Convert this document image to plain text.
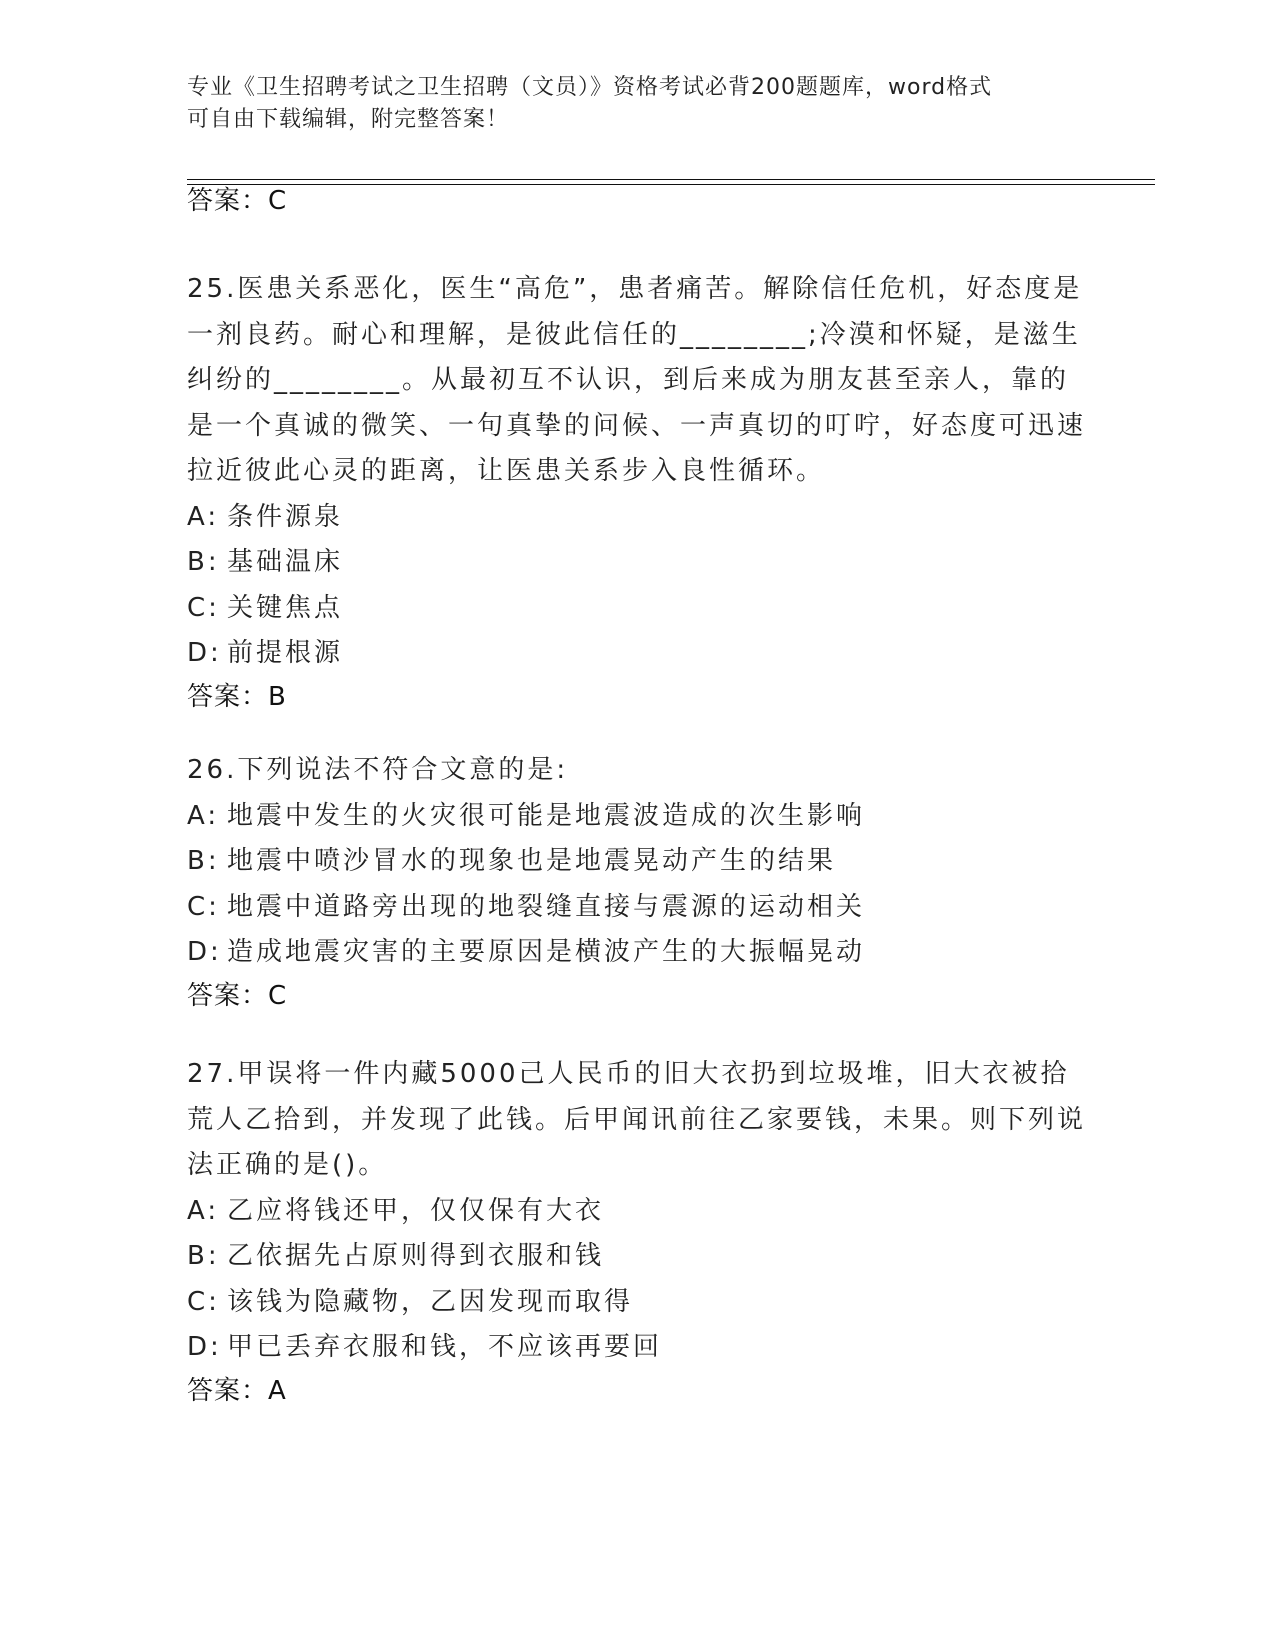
专业《卫生招聘考试之卫生招聘（文员）》资格考试必背200题题库，word格式
可自由下载编辑，附完整答案！
答案：C

25.医患关系恶化，医生“高危”，患者痛苦。解除信任危机，好态度是一剂良药。耐心和理解，是彼此信任的________;冷漠和怀疑，是滋生纠纷的________。从最初互不认识，到后来成为朋友甚至亲人，靠的是一个真诚的微笑、一句真挚的问候、一声真切的叮咛，好态度可迅速拉近彼此心灵的距离，让医患关系步入良性循环。

A: 条件源泉
B: 基础温床
C: 关键焦点
D: 前提根源
答案：B

26.下列说法不符合文意的是:

A: 地震中发生的火灾很可能是地震波造成的次生影响
B: 地震中喷沙冒水的现象也是地震晃动产生的结果
C: 地震中道路旁出现的地裂缝直接与震源的运动相关
D: 造成地震灾害的主要原因是横波产生的大振幅晃动
答案：C

27.甲误将一件内藏5000己人民币的旧大衣扔到垃圾堆，旧大衣被拾荒人乙拾到，并发现了此钱。后甲闻讯前往乙家要钱，未果。则下列说法正确的是()。

A: 乙应将钱还甲，仅仅保有大衣
B: 乙依据先占原则得到衣服和钱
C: 该钱为隐藏物，乙因发现而取得
D: 甲已丢弃衣服和钱，不应该再要回
答案：A
